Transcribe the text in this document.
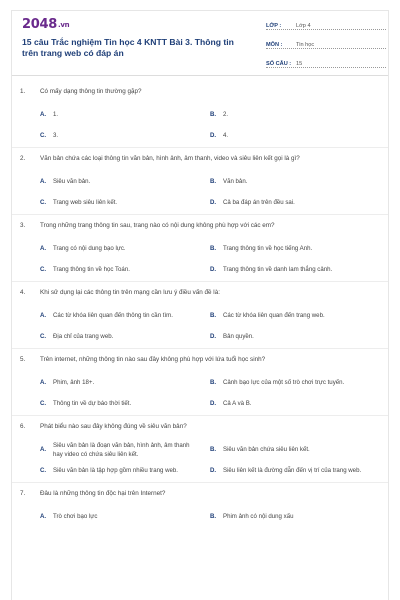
2048.vn
15 câu Trắc nghiệm Tin học 4 KNTT Bài 3. Thông tin trên trang web có đáp án
LỚP :	Lớp 4
MÔN :	Tin học
SỐ CÂU : 15
1.	Có mấy dạng thông tin thường gặp?
A.	1.	B.	2.
C.	3.	D.	4.
2.	Văn bản chứa các loại thông tin văn bản, hình ảnh, âm thanh, video và siêu liên kết gọi là gì?
A.	Siêu văn bản.	B.	Văn bản.
C.	Trang web siêu liên kết.	D.	Cả ba đáp án trên đều sai.
3.	Trong những trang thông tin sau, trang nào có nội dung không phù hợp với các em?
A.	Trang có nội dung bạo lực.	B.	Trang thông tin về học tiếng Anh.
C.	Trang thông tin về học Toán.	D.	Trang thông tin về danh lam thắng cảnh.
4.	Khi sử dụng lại các thông tin trên mạng cần lưu ý điều vấn đề là:
A.	Các từ khóa liên quan đến thông tin cần tìm.	B.	Các từ khóa liên quan đến trang web.
C.	Địa chỉ của trang web.	D.	Bản quyền.
5.	Trên internet, những thông tin nào sau đây không phù hợp với lứa tuổi học sinh?
A.	Phim, ảnh 18+.	B.	Cảnh bạo lực của một số trò chơi trực tuyến.
C.	Thông tin về dự báo thời tiết.	D.	Cả A và B.
6.	Phát biểu nào sau đây không đúng về siêu văn bản?
A.
Siêu văn bản là đoạn văn bản, hình ảnh, âm thanh hay video có chứa siêu liên kết.
B.	Siêu văn bản chứa siêu liên kết.
C.	Siêu văn bản là tập hợp gồm nhiều trang web.	D.	Siêu liên kết là đường dẫn đến vị trí của trang web.
7.	Đâu là những thông tin độc hại trên Internet?
A.	Trò chơi bạo lực	B.	Phim ảnh có nội dung xấu
